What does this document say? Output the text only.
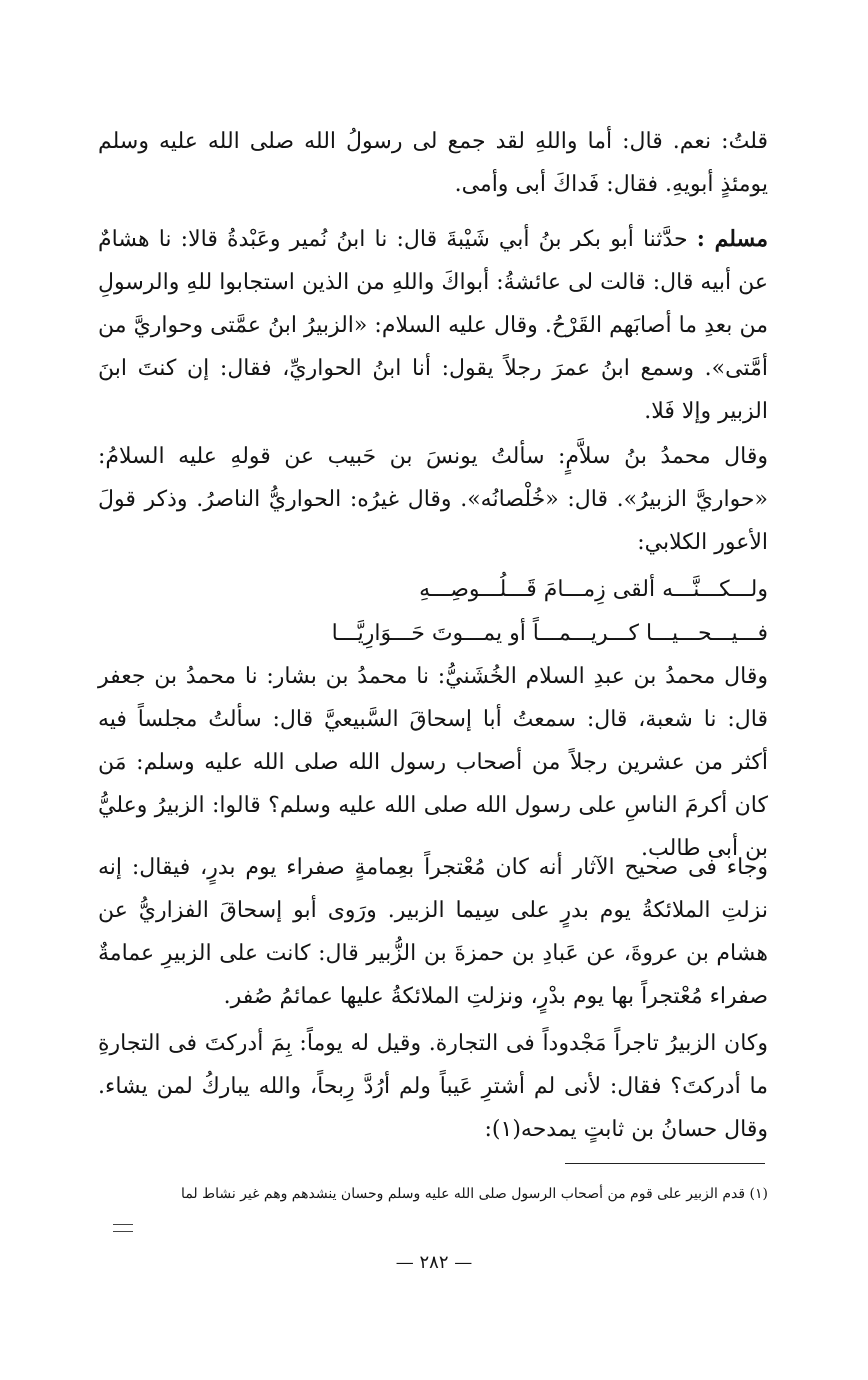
قلتُ: نعم. قال: أما واللهِ لقد جمع لى رسولُ الله صلى الله عليه وسلم يومئذٍ أبويهِ. فقال: فَداكَ أبى وأمى.

مسلم : حدَّثنا أبو بكر بنُ أبي شَيْبةَ قال: نا ابنُ نُمير وعَبْدةُ قالا: نا هشامٌ عن أبيه قال: قالت لى عائشةُ: أبواكَ واللهِ من الذين استجابوا للهِ والرسولِ من بعدِ ما أصابَهم القَرْحُ. وقال عليه السلام: «الزبيرُ ابنُ عمَّتى وحواريَّ من أمَّتى». وسمع ابنُ عمرَ رجلاً يقول: أنا ابنُ الحواريِّ، فقال: إن كنتَ ابنَ الزبير وإلا فَلا.

وقال محمدُ بنُ سلاَّمٍ: سألتُ يونسَ بن حَبيب عن قولهِ عليه السلامُ: «حواريَّ الزبيرُ». قال: «خُلْصانُه». وقال غيرُه: الحواريُّ الناصرُ. وذكر قولَ الأعور الكلابي:

ولـــكـــنَّـــه ألقى زِمـــامَ قَـــلُـــوصِـــهِ
فـــيـــحـــيـــا كـــريـــمـــاً أو يمـــوتَ حَـــوَارِيَّـــا

وقال محمدُ بن عبدِ السلام الخُشَنيُّ: نا محمدُ بن بشار: نا محمدُ بن جعفر قال: نا شعبة، قال: سمعتُ أبا إسحاقَ السَّبيعيَّ قال: سألتُ مجلساً فيه أكثر من عشرين رجلاً من أصحاب رسول الله صلى الله عليه وسلم: مَن كان أكرمَ الناسِ على رسول الله صلى الله عليه وسلم؟ قالوا: الزبيرُ وعليُّ بن أبى طالب.

وجاء فى صحيح الآثار أنه كان مُعْتجراً بعِمامةٍ صفراء يوم بدرٍ، فيقال: إنه نزلتِ الملائكةُ يوم بدرٍ على سِيما الزبير. ورَوى أبو إسحاقَ الفزاريُّ عن هشام بن عروةَ، عن عَبادِ بن حمزةَ بن الزُّبير قال: كانت على الزبيرِ عمامةٌ صفراء مُعْتجراً بها يوم بدْرٍ، ونزلتِ الملائكةُ عليها عمائمُ صُفر.

وكان الزبيرُ تاجراً مَجْدوداً فى التجارة. وقيل له يوماً: بِمَ أدركتَ فى التجارةِ ما أدركتَ؟ فقال: لأنى لم أشترِ عَيباً ولم أرُدَّ رِبحاً، والله يباركُ لمن يشاء. وقال حسانُ بن ثابتٍ يمدحه(١):

(١) قدم الزبير على قوم من أصحاب الرسول صلى الله عليه وسلم وحسان ينشدهم وهم غير نشاط لما
— ٢٨٢ —
